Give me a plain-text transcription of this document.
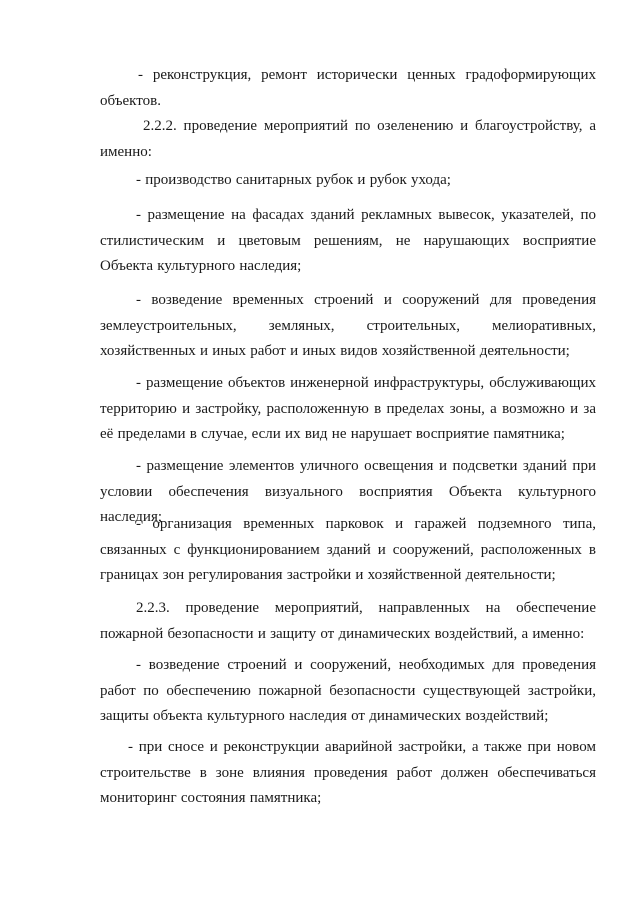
- реконструкция, ремонт исторически ценных градоформирующих объектов.

2.2.2. проведение мероприятий по озеленению и благоустройству, а именно:

- производство санитарных рубок и рубок ухода;

- размещение на фасадах зданий рекламных вывесок, указателей, по стилистическим и цветовым решениям, не нарушающих восприятие Объекта культурного наследия;

- возведение временных строений и сооружений для проведения землеустроительных, земляных, строительных, мелиоративных, хозяйственных и иных работ и иных видов хозяйственной деятельности;

- размещение объектов инженерной инфраструктуры, обслуживающих территорию и застройку, расположенную в пределах зоны, а возможно и за её пределами в случае, если их вид не нарушает восприятие памятника;

- размещение элементов уличного освещения и подсветки зданий при условии обеспечения визуального восприятия Объекта культурного наследия;

- организация временных парковок и гаражей подземного типа, связанных с функционированием зданий и сооружений, расположенных в границах зон регулирования застройки и хозяйственной деятельности;

2.2.3. проведение мероприятий, направленных на обеспечение пожарной безопасности и защиту от динамических воздействий, а именно:

- возведение строений и сооружений, необходимых для проведения работ по обеспечению пожарной безопасности существующей застройки, защиты объекта культурного наследия от динамических воздействий;

- при сносе и реконструкции аварийной застройки, а также при новом строительстве в зоне влияния проведения работ должен обеспечиваться мониторинг состояния памятника;
